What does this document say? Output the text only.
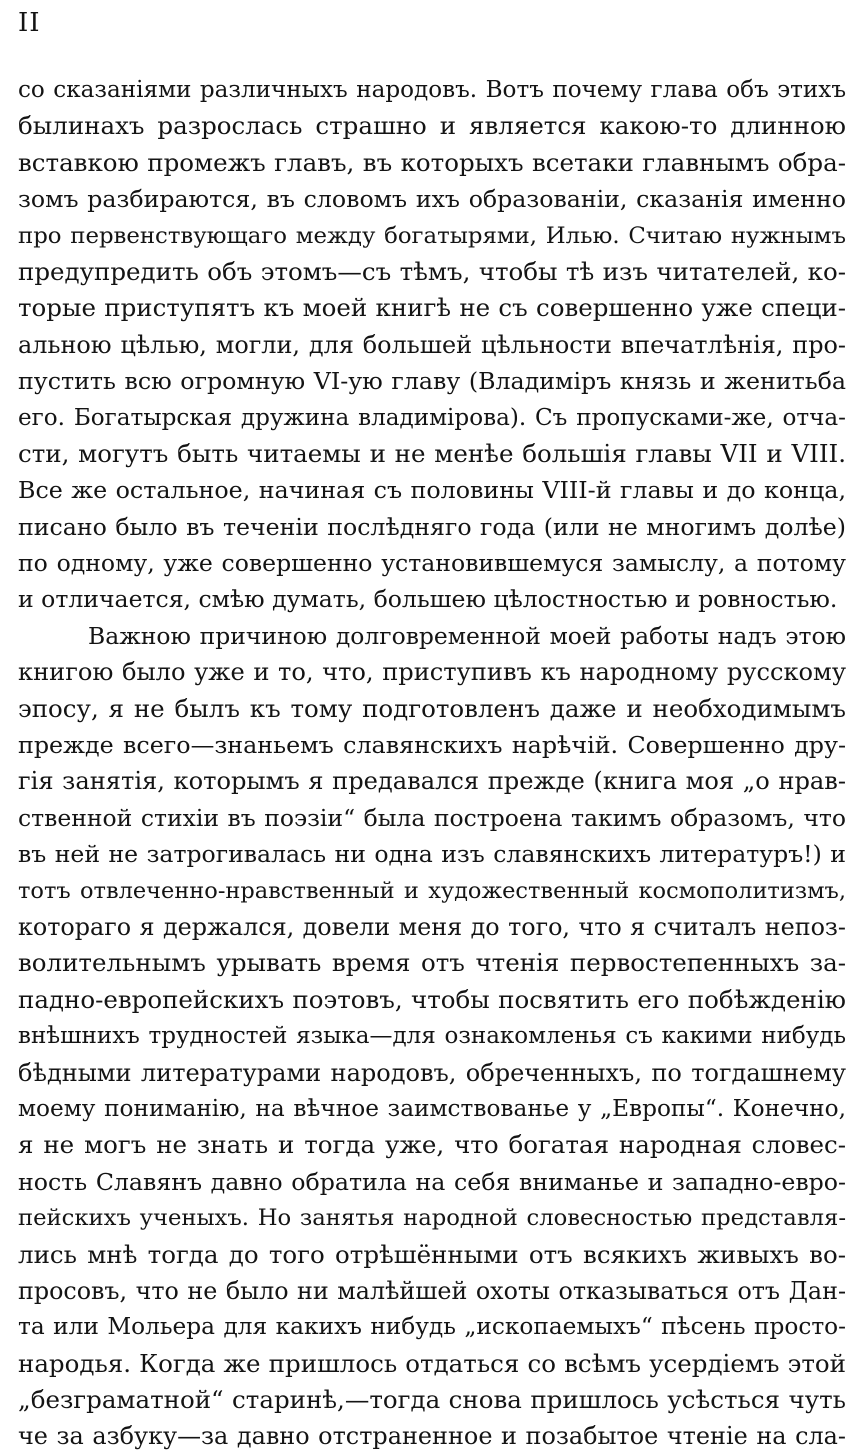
II
со сказаніями различныхъ народовъ. Вотъ почему глава объ этихъ
былинахъ разрослась страшно и является какою-то длинною
вставкою промежъ главъ, въ которыхъ всетаки главнымъ обра-
зомъ разбираются, въ словомъ ихъ образованіи, сказанія именно
про первенствующаго между богатырями, Илью. Считаю нужнымъ
предупредить объ этомъ—съ тѣмъ, чтобы тѣ изъ читателей, ко-
торые приступятъ къ моей книгѣ не съ совершенно уже специ-
альною цѣлью, могли, для большей цѣльности впечатлѣнія, про-
пустить всю огромную VI-ую главу (Владиміръ князь и женитьба
его. Богатырская дружина владимірова). Съ пропусками-же, отча-
сти, могутъ быть читаемы и не менѣе большія главы VII и VIII.
Все же остальное, начиная съ половины VIII-й главы и до конца,
писано было въ теченіи послѣдняго года (или не многимъ долѣе)
по одному, уже совершенно установившемуся замыслу, а потому
и отличается, смѣю думать, большею цѣлостностью и ровностью.
Важною причиною долговременной моей работы надъ этою
книгою было уже и то, что, приступивъ къ народному русскому
эпосу, я не былъ къ тому подготовленъ даже и необходимымъ
прежде всего—знаньемъ славянскихъ нарѣчій. Совершенно дру-
гія занятія, которымъ я предавался прежде (книга моя „о нрав-
ственной стихіи въ поэзіи“ была построена такимъ образомъ, что
въ ней не затрогивалась ни одна изъ славянскихъ литературъ!) и
тотъ отвлеченно-нравственный и художественный космополитизмъ,
котораго я держался, довели меня до того, что я считалъ непоз-
волительнымъ урывать время отъ чтенія первостепенныхъ за-
падно-европейскихъ поэтовъ, чтобы посвятить его побѣжденію
внѣшнихъ трудностей языка—для ознакомленья съ какими нибудь
бѣдными литературами народовъ, обреченныхъ, по тогдашнему
моему пониманію, на вѣчное заимствованье у „Европы“. Конечно,
я не могъ не знать и тогда уже, что богатая народная словес-
ность Славянъ давно обратила на себя вниманье и западно-евро-
пейскихъ ученыхъ. Но занятья народной словесностью представля-
лись мнѣ тогда до того отрѣшёнными отъ всякихъ живыхъ во-
просовъ, что не было ни малѣйшей охоты отказываться отъ Дан-
та или Мольера для какихъ нибудь „ископаемыхъ“ пѣсень просто-
народья. Когда же пришлось отдаться со всѣмъ усердіемъ этой
„безграматной“ старинѣ,—тогда снова пришлось усѣсться чуть
че за азбуку—за давно отстраненное и позабытое чтеніе на сла-
